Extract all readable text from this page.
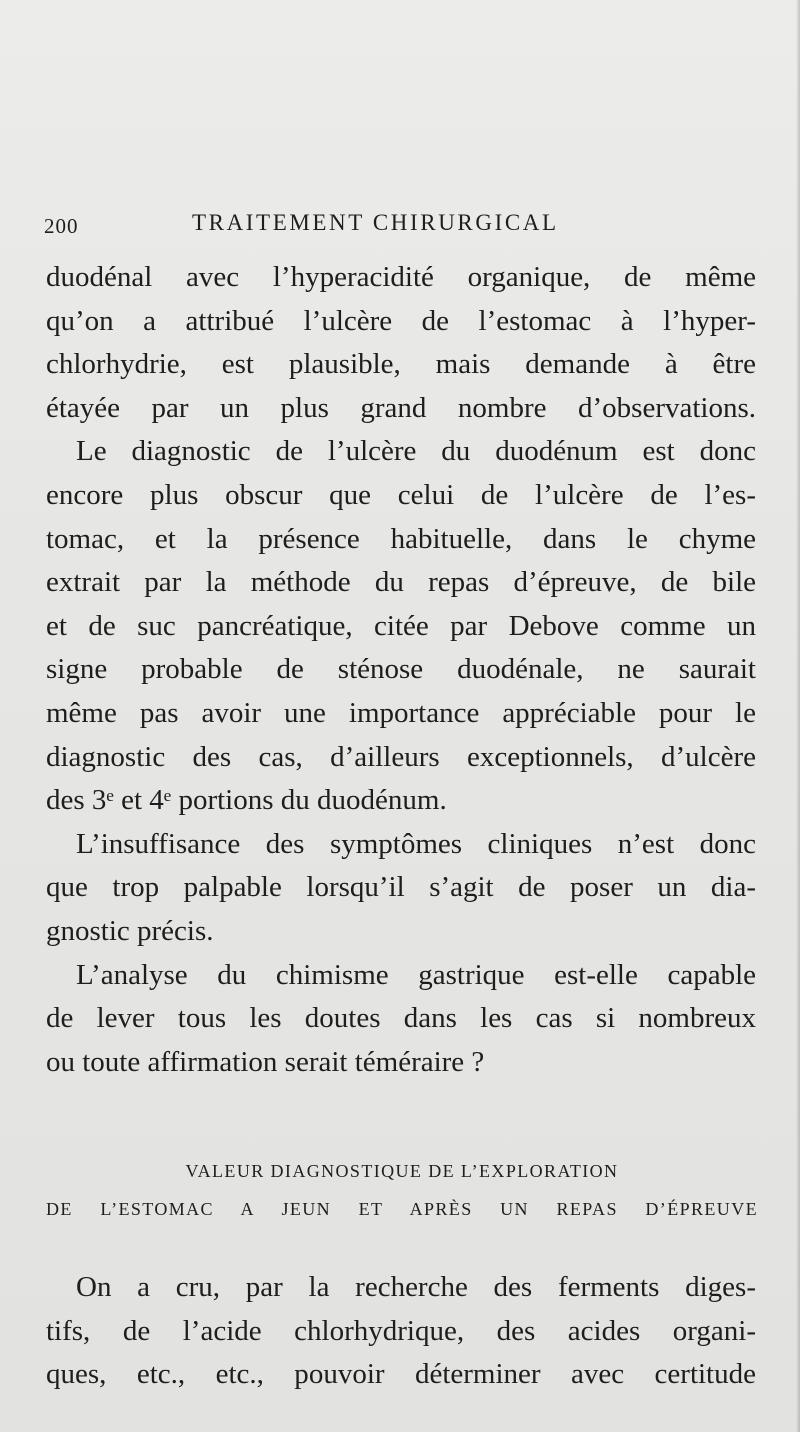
200	TRAITEMENT CHIRURGICAL
duodénal avec l’hyperacidité organique, de même
qu’on a attribué l’ulcère de l’estomac à l’hyper-
chlorhydrie, est plausible, mais demande à être
étayée par un plus grand nombre d’observations.
Le diagnostic de l’ulcère du duodénum est donc
encore plus obscur que celui de l’ulcère de l’es-
tomac, et la présence habituelle, dans le chyme
extrait par la méthode du repas d’épreuve, de bile
et de suc pancréatique, citée par Debove comme un
signe probable de sténose duodénale, ne saurait
même pas avoir une importance appréciable pour le
diagnostic des cas, d’ailleurs exceptionnels, d’ulcère
des 3ᵉ et 4ᵉ portions du duodénum.
L’insuffisance des symptômes cliniques n’est donc
que trop palpable lorsqu’il s’agit de poser un dia-
gnostic précis.
L’analyse du chimisme gastrique est-elle capable
de lever tous les doutes dans les cas si nombreux
ou toute affirmation serait téméraire ?
VALEUR DIAGNOSTIQUE DE L’EXPLORATION
DE L’ESTOMAC A JEUN ET APRÈS UN REPAS D’ÉPREUVE
On a cru, par la recherche des ferments diges-
tifs, de l’acide chlorhydrique, des acides organi-
ques, etc., etc., pouvoir déterminer avec certitude
